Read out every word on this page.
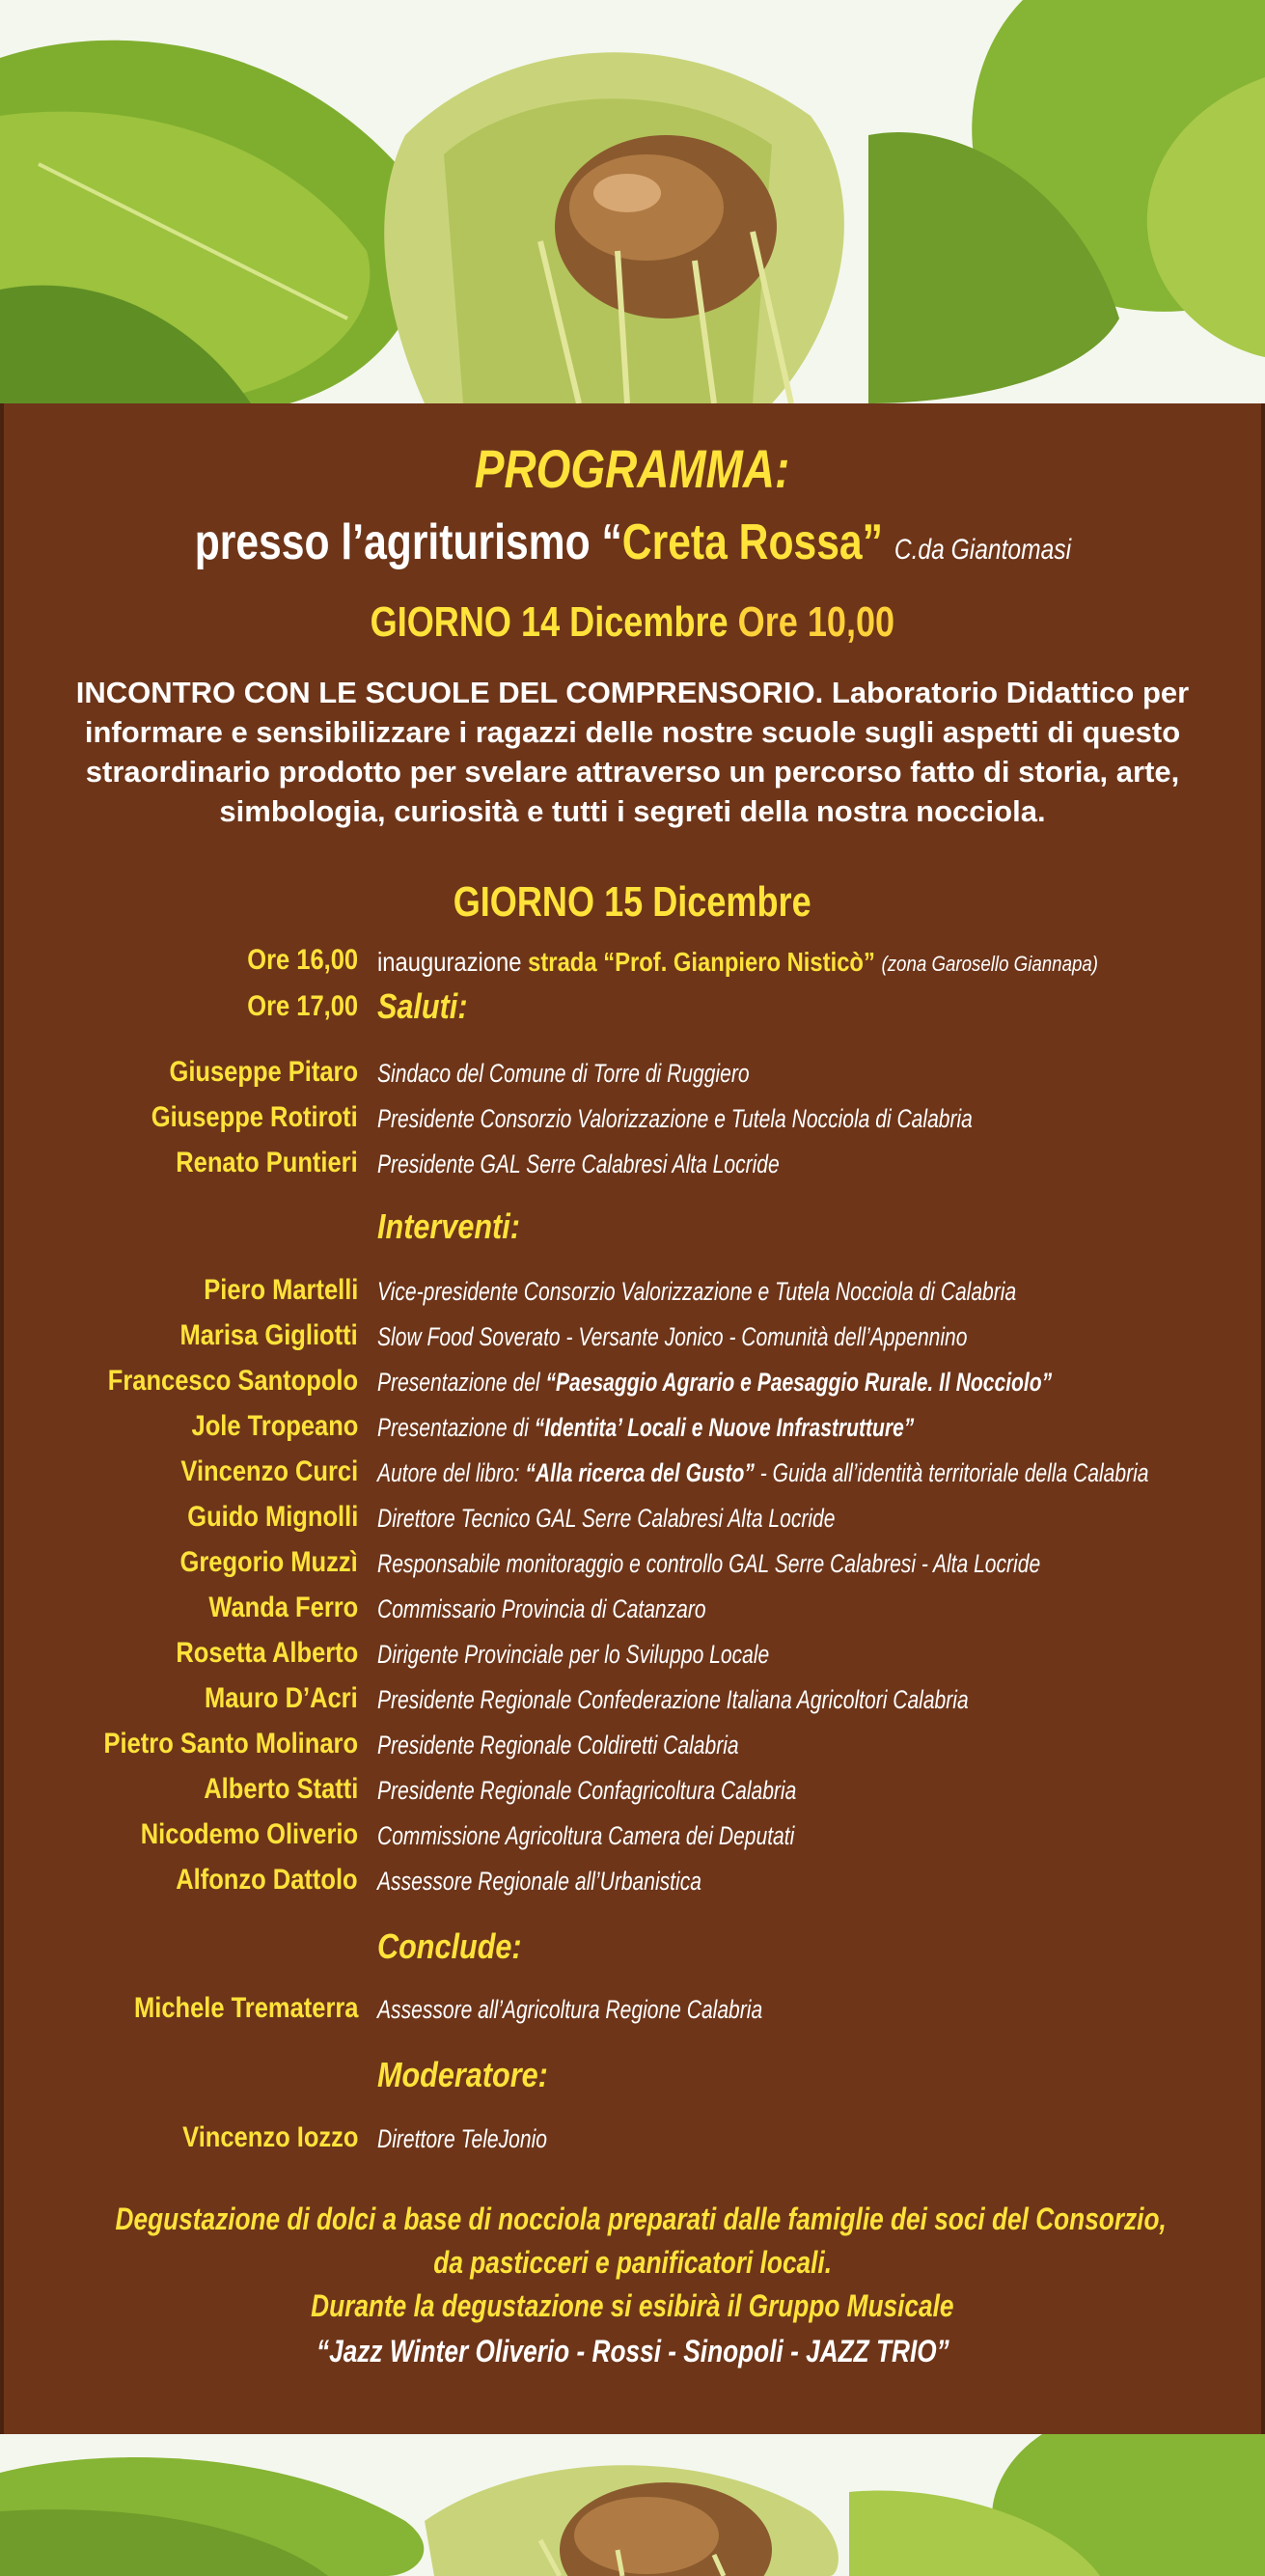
PROGRAMMA:
presso l’agriturismo “Creta Rossa” C.da Giantomasi
GIORNO 14 Dicembre Ore 10,00
INCONTRO CON LE SCUOLE DEL COMPRENSORIO. Laboratorio Didattico per
informare e sensibilizzare i ragazzi delle nostre scuole sugli aspetti di questo
straordinario prodotto per svelare attraverso un percorso fatto di storia, arte,
simbologia, curiosità e tutti i segreti della nostra nocciola.
GIORNO 15 Dicembre
Ore 16,00 inaugurazione strada “Prof. Gianpiero Nisticò” (zona Garosello Giannapa)
Ore 17,00 Saluti:
Giuseppe Pitaro Sindaco del Comune di Torre di Ruggiero
Giuseppe Rotiroti Presidente Consorzio Valorizzazione e Tutela Nocciola di Calabria
Renato Puntieri Presidente GAL Serre Calabresi Alta Locride
Interventi:
Piero Martelli Vice-presidente Consorzio Valorizzazione e Tutela Nocciola di Calabria
Marisa Gigliotti Slow Food Soverato - Versante Jonico - Comunità dell’Appennino
Francesco Santopolo Presentazione del “Paesaggio Agrario e Paesaggio Rurale. Il Nocciolo”
Jole Tropeano Presentazione di “Identita’ Locali e Nuove Infrastrutture”
Vincenzo Curci Autore del libro: “Alla ricerca del Gusto” - Guida all’identità territoriale della Calabria
Guido Mignolli Direttore Tecnico GAL Serre Calabresi Alta Locride
Gregorio Muzzì Responsabile monitoraggio e controllo GAL Serre Calabresi - Alta Locride
Wanda Ferro Commissario Provincia di Catanzaro
Rosetta Alberto Dirigente Provinciale per lo Sviluppo Locale
Mauro D’Acri Presidente Regionale Confederazione Italiana Agricoltori Calabria
Pietro Santo Molinaro Presidente Regionale Coldiretti Calabria
Alberto Statti Presidente Regionale Confagricoltura Calabria
Nicodemo Oliverio Commissione Agricoltura Camera dei Deputati
Alfonzo Dattolo Assessore Regionale all’Urbanistica
Conclude:
Michele Trematerra Assessore all’Agricoltura Regione Calabria
Moderatore:
Vincenzo Iozzo Direttore TeleJonio
Degustazione di dolci a base di nocciola preparati dalle famiglie dei soci del Consorzio,
da pasticceri e panificatori locali.
Durante la degustazione si esibirà il Gruppo Musicale
“Jazz Winter Oliverio - Rossi - Sinopoli - JAZZ TRIO”
